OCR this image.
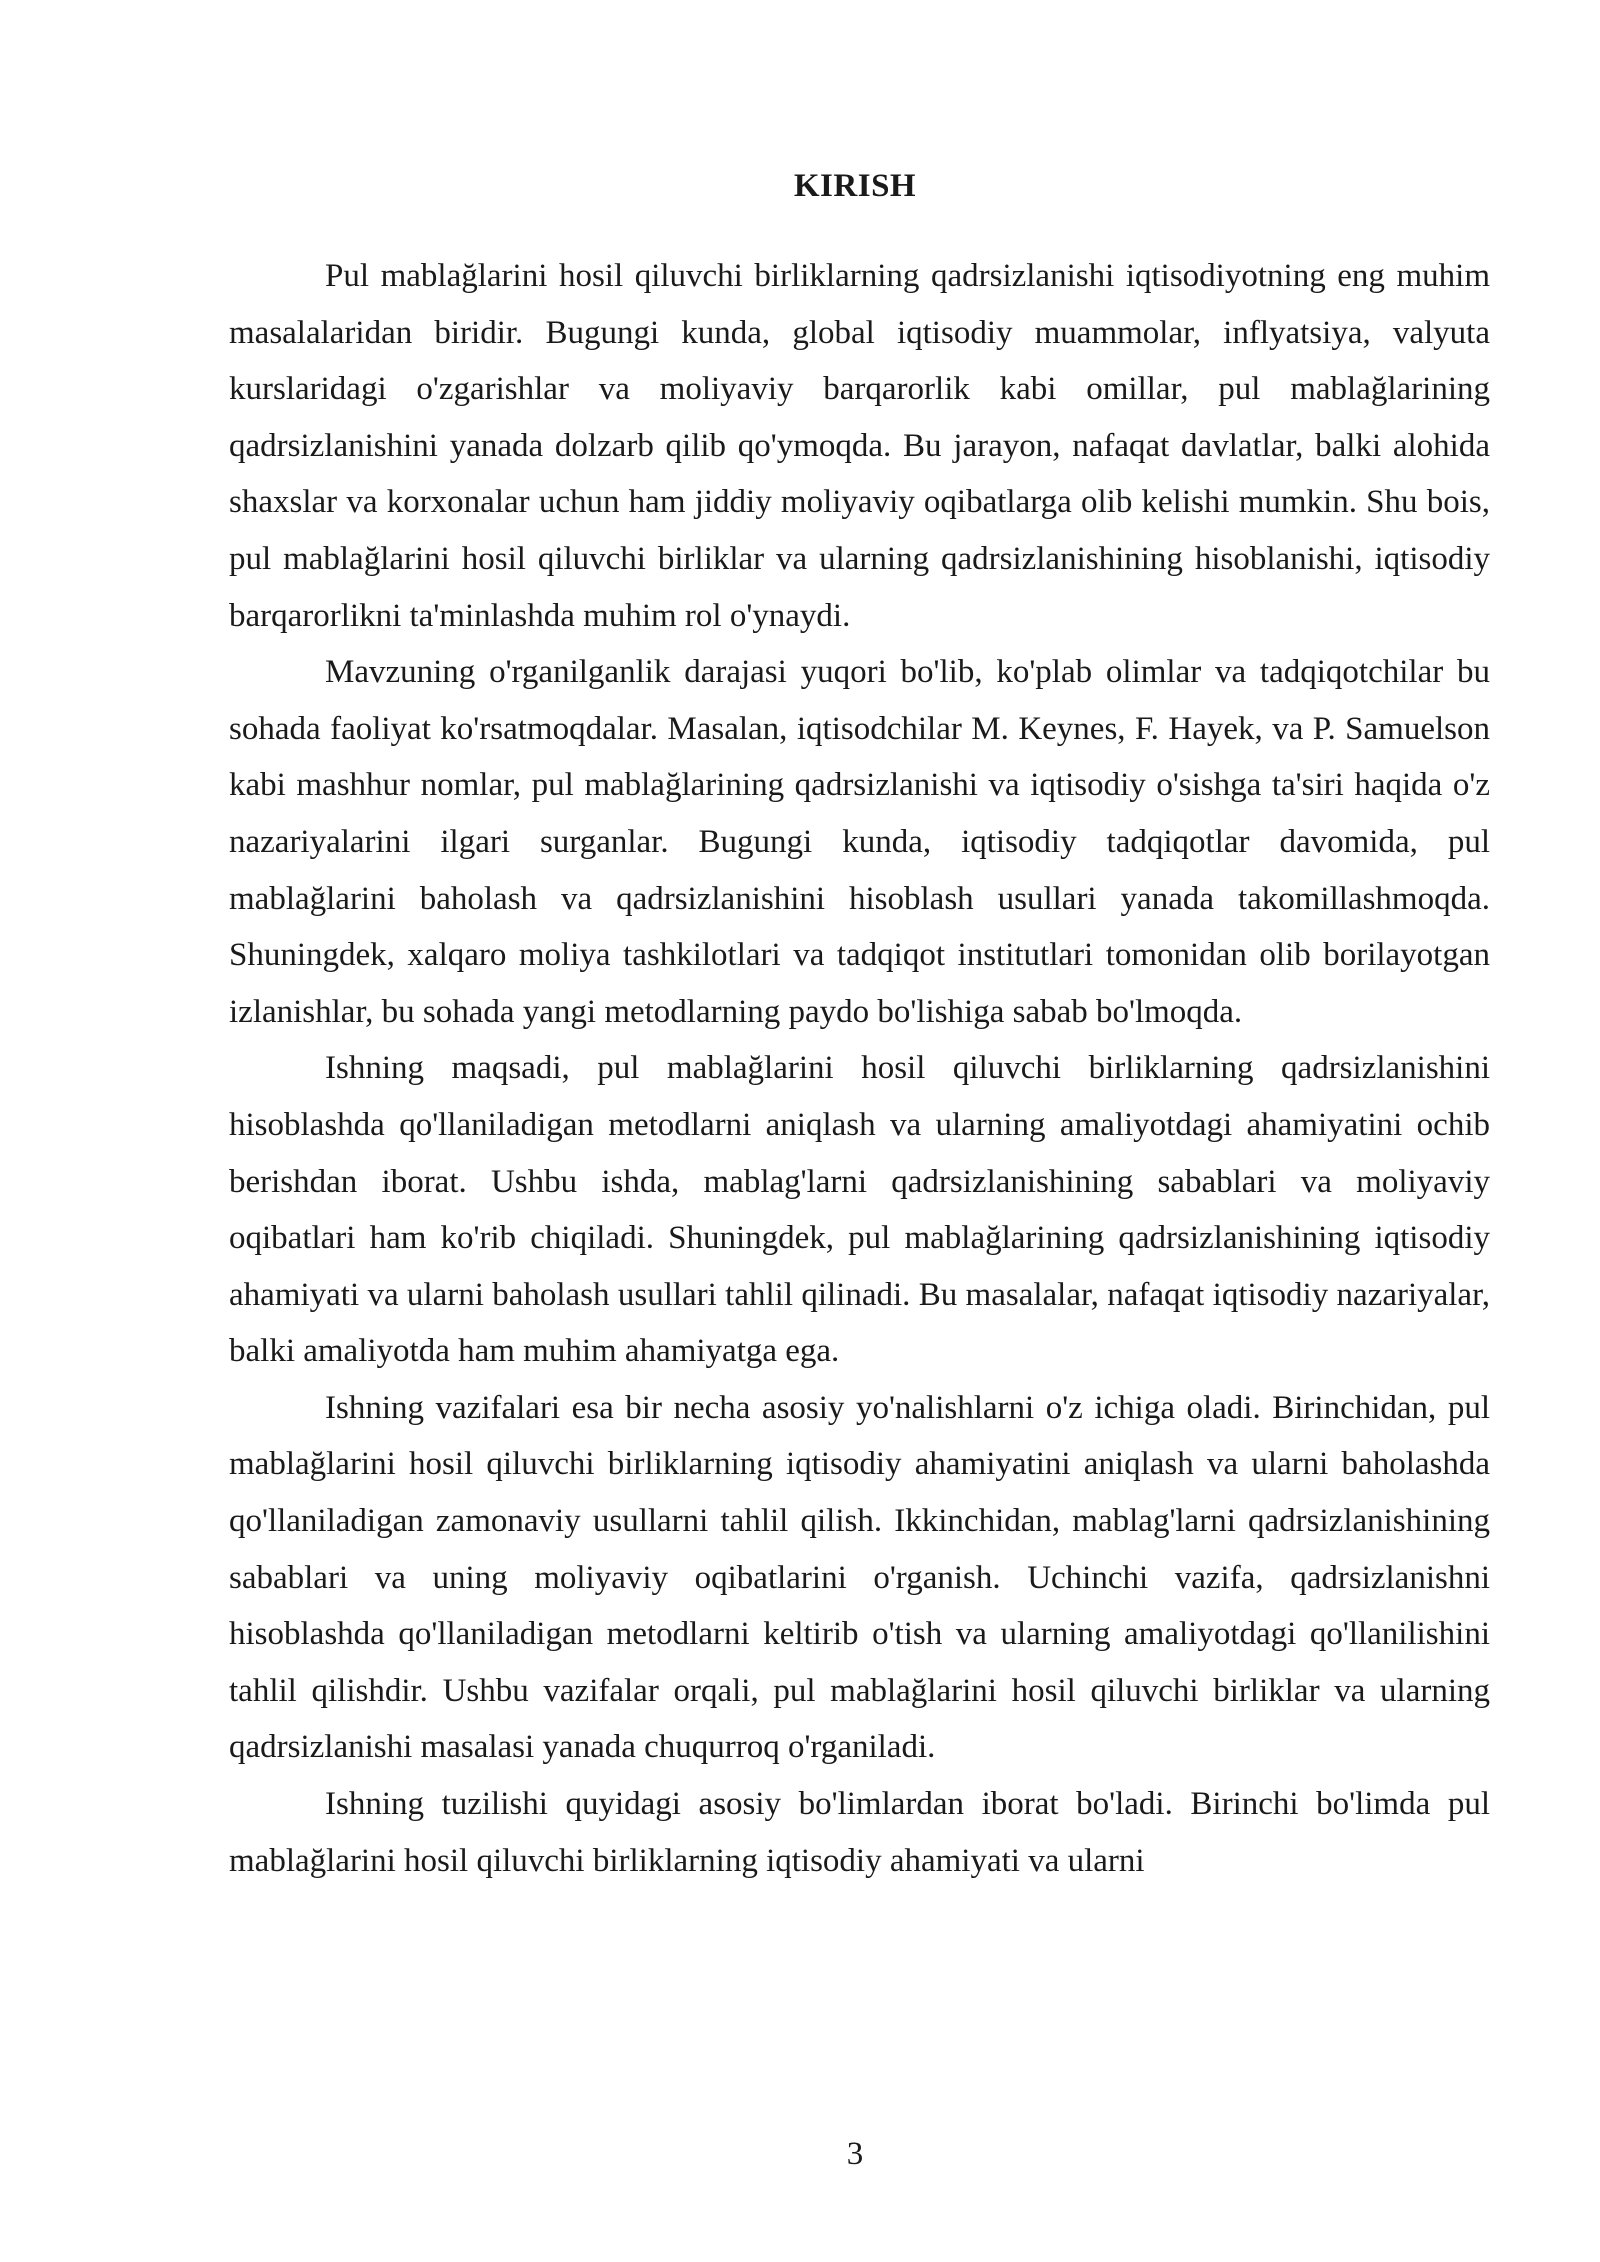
KIRISH

Pul mablağlarini hosil qiluvchi birliklarning qadrsizlanishi iqtisodiyotning eng muhim masalalaridan biridir. Bugungi kunda, global iqtisodiy muammolar, inflyatsiya, valyuta kurslaridagi o'zgarishlar va moliyaviy barqarorlik kabi omillar, pul mablağlarining qadrsizlanishini yanada dolzarb qilib qo'ymoqda. Bu jarayon, nafaqat davlatlar, balki alohida shaxslar va korxonalar uchun ham jiddiy moliyaviy oqibatlarga olib kelishi mumkin. Shu bois, pul mablağlarini hosil qiluvchi birliklar va ularning qadrsizlanishining hisoblanishi, iqtisodiy barqarorlikni ta'minlashda muhim rol o'ynaydi.

Mavzuning o'rganilganlik darajasi yuqori bo'lib, ko'plab olimlar va tadqiqotchilar bu sohada faoliyat ko'rsatmoqdalar. Masalan, iqtisodchilar M. Keynes, F. Hayek, va P. Samuelson kabi mashhur nomlar, pul mablağlarining qadrsizlanishi va iqtisodiy o'sishga ta'siri haqida o'z nazariyalarini ilgari surganlar. Bugungi kunda, iqtisodiy tadqiqotlar davomida, pul mablağlarini baholash va qadrsizlanishini hisoblash usullari yanada takomillashmoqda. Shuningdek, xalqaro moliya tashkilotlari va tadqiqot institutlari tomonidan olib borilayotgan izlanishlar, bu sohada yangi metodlarning paydo bo'lishiga sabab bo'lmoqda.

Ishning maqsadi, pul mablağlarini hosil qiluvchi birliklarning qadrsizlanishini hisoblashda qo'llaniladigan metodlarni aniqlash va ularning amaliyotdagi ahamiyatini ochib berishdan iborat. Ushbu ishda, mablag'larni qadrsizlanishining sabablari va moliyaviy oqibatlari ham ko'rib chiqiladi. Shuningdek, pul mablağlarining qadrsizlanishining iqtisodiy ahamiyati va ularni baholash usullari tahlil qilinadi. Bu masalalar, nafaqat iqtisodiy nazariyalar, balki amaliyotda ham muhim ahamiyatga ega.

Ishning vazifalari esa bir necha asosiy yo'nalishlarni o'z ichiga oladi. Birinchidan, pul mablağlarini hosil qiluvchi birliklarning iqtisodiy ahamiyatini aniqlash va ularni baholashda qo'llaniladigan zamonaviy usullarni tahlil qilish. Ikkinchidan, mablag'larni qadrsizlanishining sabablari va uning moliyaviy oqibatlarini o'rganish. Uchinchi vazifa, qadrsizlanishni hisoblashda qo'llaniladigan metodlarni keltirib o'tish va ularning amaliyotdagi qo'llanilishini tahlil qilishdir. Ushbu vazifalar orqali, pul mablağlarini hosil qiluvchi birliklar va ularning qadrsizlanishi masalasi yanada chuqurroq o'rganiladi.

Ishning tuzilishi quyidagi asosiy bo'limlardan iborat bo'ladi. Birinchi bo'limda pul mablağlarini hosil qiluvchi birliklarning iqtisodiy ahamiyati va ularni

3
